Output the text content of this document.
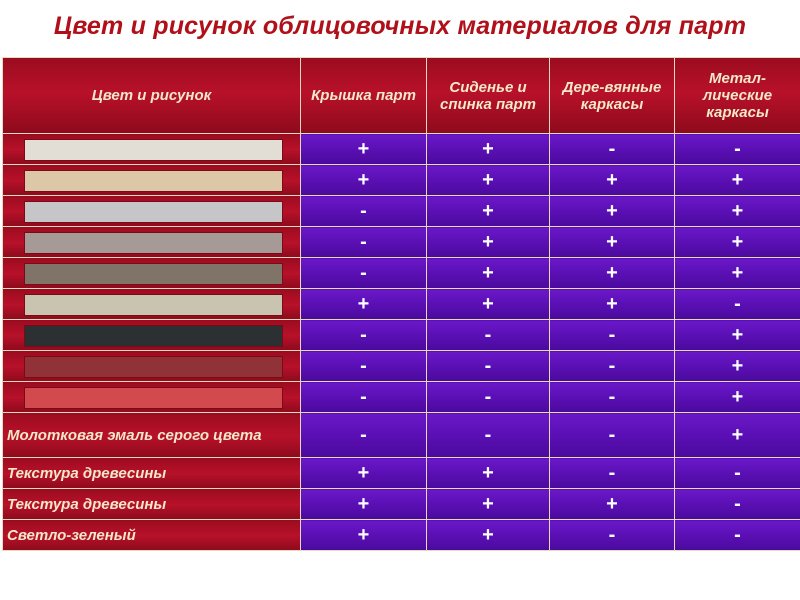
Цвет и рисунок облицовочных материалов для парт
Цвет и рисунок	Крышка парт	Сиденье и спинка парт	Дере-вянные каркасы	Метал-лические каркасы

	+	+	-	-

	+	+	+	+

	-	+	+	+

	-	+	+	+

	-	+	+	+

	+	+	+	-

	-	-	-	+

	-	-	-	+

	-	-	-	+

Молотковая эмаль серого цвета	-	-	-	+

Текстура древесины	+	+	-	-

Текстура древесины	+	+	+	-

Светло-зеленый	+	+	-	-
